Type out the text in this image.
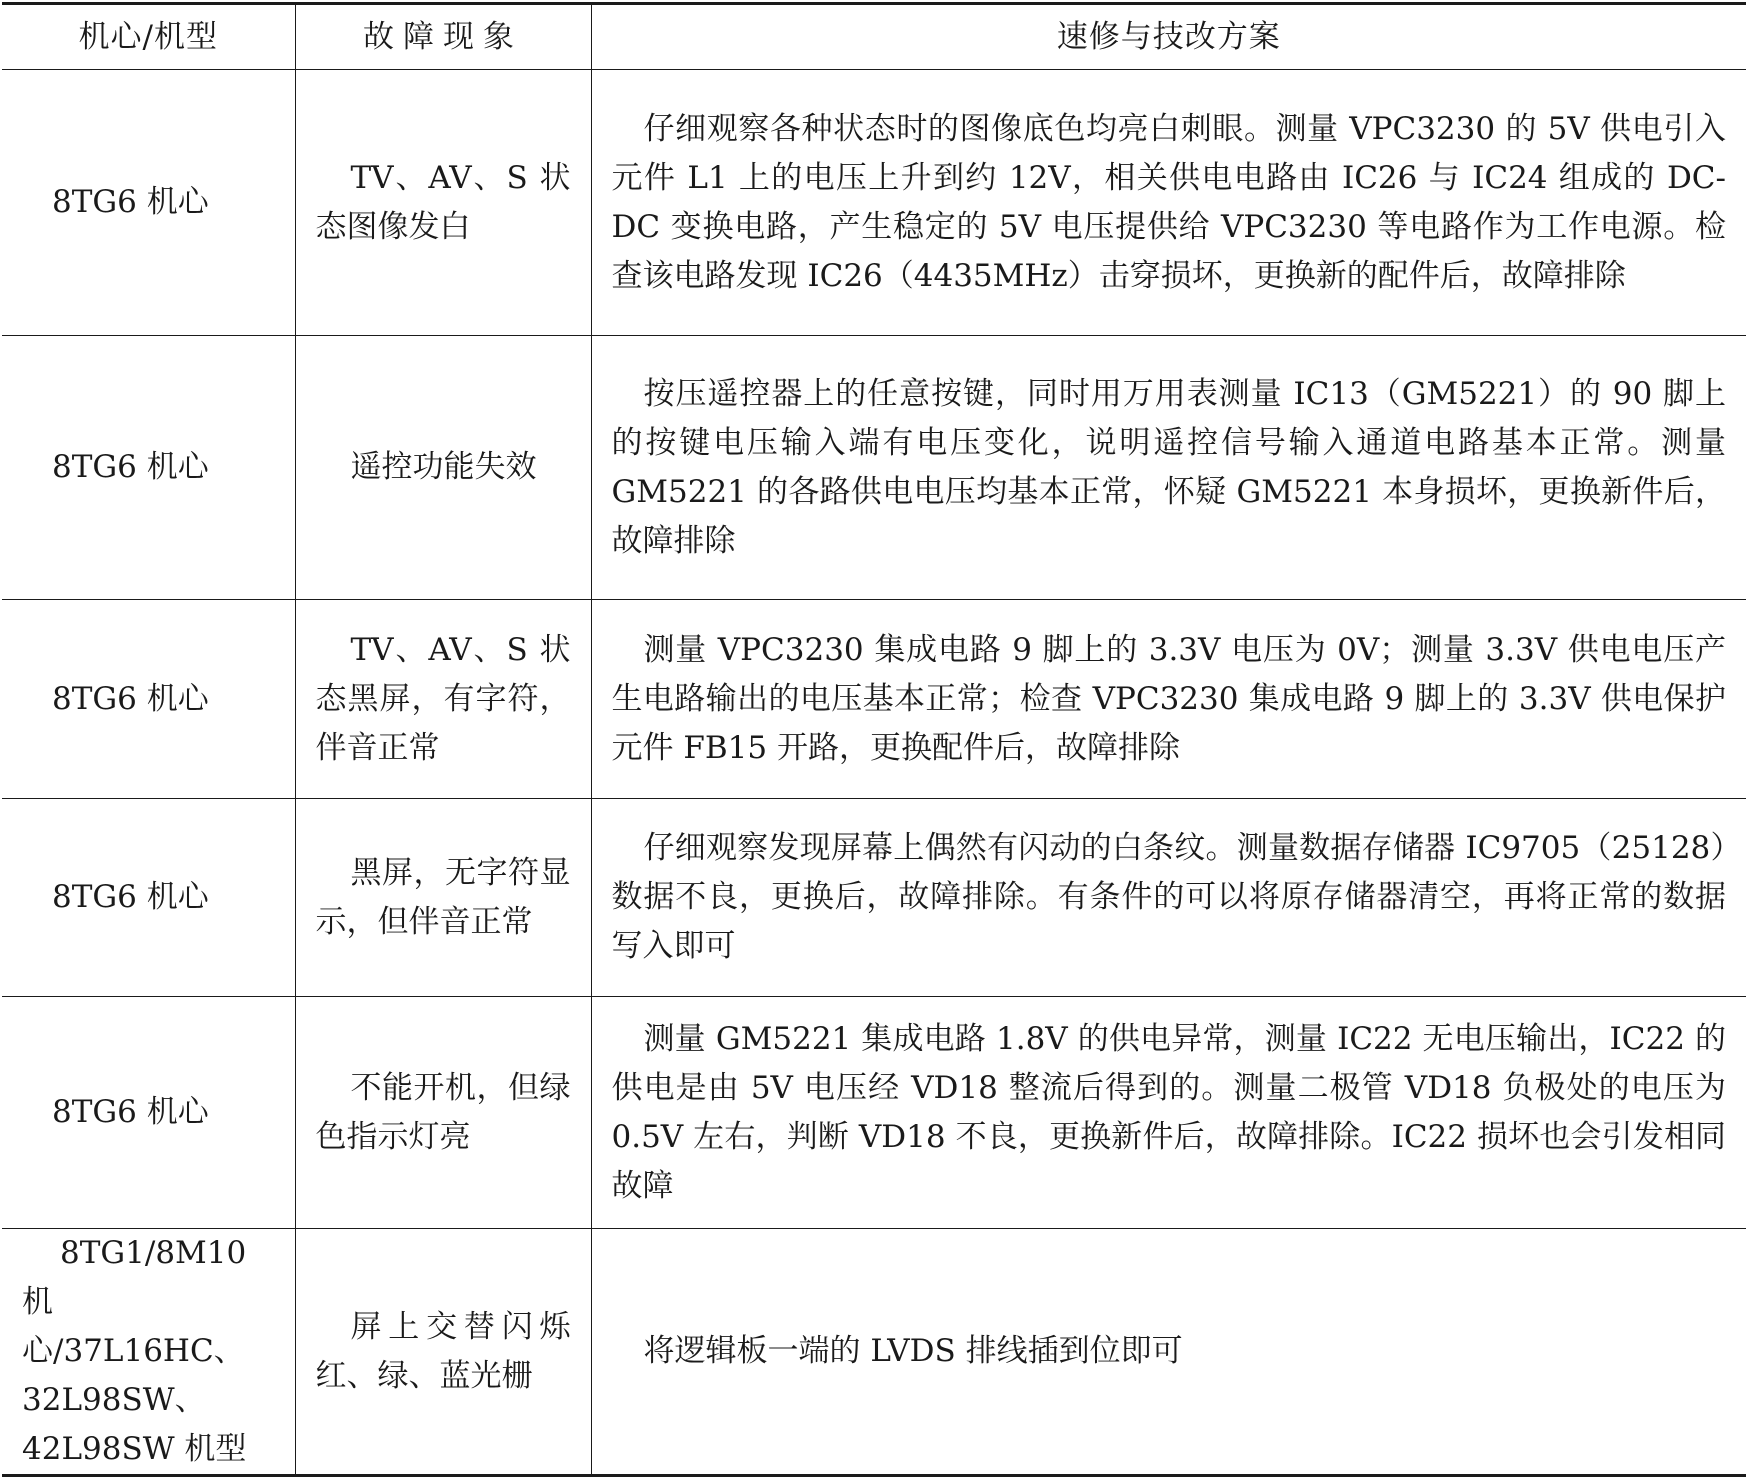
机心/机型	故障现象	速修与技改方案
8TG6 机心	TV、AV、S 状态图像发白	仔细观察各种状态时的图像底色均亮白刺眼。测量 VPC3230 的 5V 供电引入元件 L1 上的电压上升到约 12V，相关供电电路由 IC26 与 IC24 组成的 DC-DC 变换电路，产生稳定的 5V 电压提供给 VPC3230 等电路作为工作电源。检查该电路发现 IC26（4435MHz）击穿损坏，更换新的配件后，故障排除
8TG6 机心	遥控功能失效	按压遥控器上的任意按键，同时用万用表测量 IC13（GM5221）的 90 脚上的按键电压输入端有电压变化，说明遥控信号输入通道电路基本正常。测量 GM5221 的各路供电电压均基本正常，怀疑 GM5221 本身损坏，更换新件后，故障排除
8TG6 机心	TV、AV、S 状态黑屏，有字符，伴音正常	测量 VPC3230 集成电路 9 脚上的 3.3V 电压为 0V；测量 3.3V 供电电压产生电路输出的电压基本正常；检查 VPC3230 集成电路 9 脚上的 3.3V 供电保护元件 FB15 开路，更换配件后，故障排除
8TG6 机心	黑屏，无字符显示，但伴音正常	仔细观察发现屏幕上偶然有闪动的白条纹。测量数据存储器 IC9705（25128）数据不良，更换后，故障排除。有条件的可以将原存储器清空，再将正常的数据写入即可
8TG6 机心	不能开机，但绿色指示灯亮	测量 GM5221 集成电路 1.8V 的供电异常，测量 IC22 无电压输出，IC22 的供电是由 5V 电压经 VD18 整流后得到的。测量二极管 VD18 负极处的电压为 0.5V 左右，判断 VD18 不良，更换新件后，故障排除。IC22 损坏也会引发相同故障
8TG1/8M10 机心/37L16HC、32L98SW、42L98SW 机型	屏上交替闪烁红、绿、蓝光栅	将逻辑板一端的 LVDS 排线插到位即可
